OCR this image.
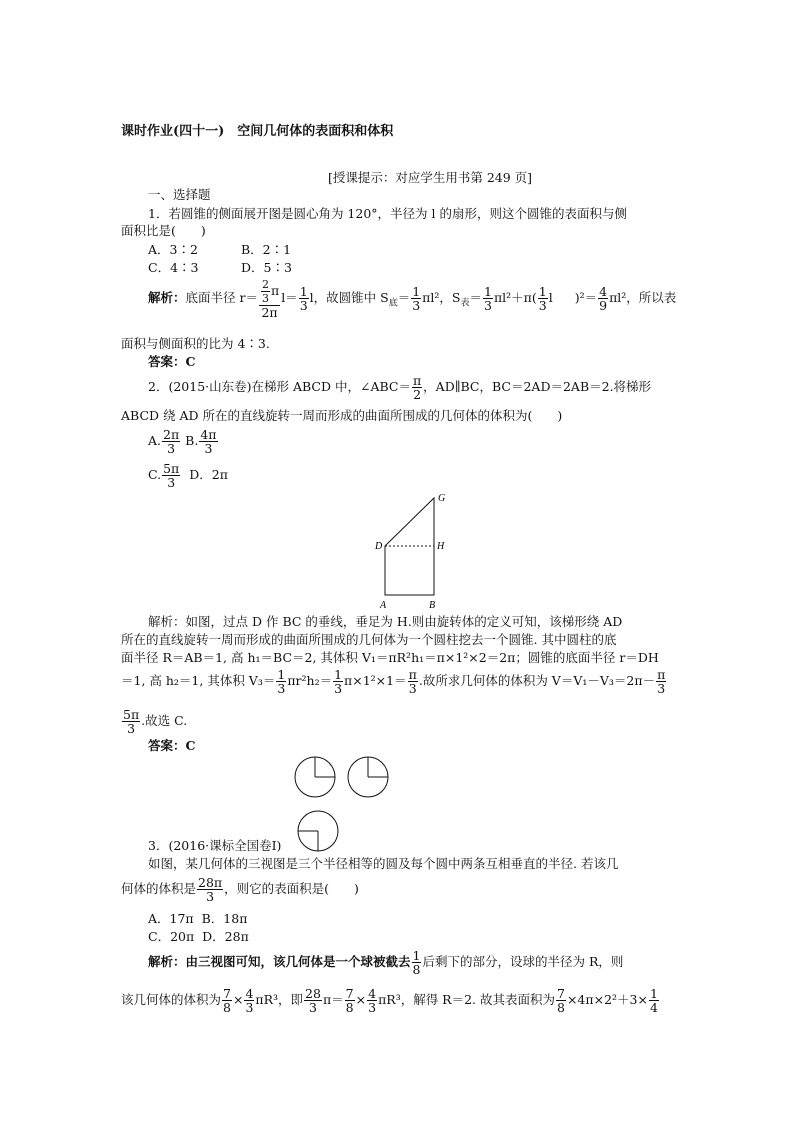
课时作业(四十一)　空间几何体的表面积和体积
[授课提示：对应学生用书第 249 页]
一、选择题
1．若圆锥的侧面展开图是圆心角为 120°，半径为 l 的扇形，则这个圆锥的表面积与侧
面积比是(　　)
A．3∶2	B．2∶1
C．4∶3	D．5∶3
解析：底面半径 $r= \frac{\frac{2}{3} \pi}{2\pi} l= \frac{1}{3}$ l，故圆锥中 $S_底= \frac{1}{3} \pi l^2$，$S_表= \frac{1}{3} \pi l^2+\pi( \frac{1}{3}$ l )$^2= \frac{4}{9} \pi l^2$，所以表
面积与侧面积的比为 4∶3.
答案：C
2．(2015·山东卷)在梯形 ABCD 中，∠ABC＝ $\frac{\pi}{2}$ ，AD∥BC，BC＝2AD＝2AB＝2.将梯形
ABCD 绕 AD 所在的直线旋转一周而形成的曲面所围成的几何体的体积为(　　)
A. $\frac{2\pi}{3} B$. $\frac{4\pi}{3}$
C. $\frac{5\pi}{3}$ D．2π
G
D	H
A	B
解析：如图，过点 D 作 BC 的垂线，垂足为 H.则由旋转体的定义可知，该梯形绕 AD
所在的直线旋转一周而形成的曲面所围成的几何体为一个圆柱挖去一个圆锥. 其中圆柱的底
面半径 R＝AB＝1, 高 h₁＝BC＝2, 其体积 V₁＝πR²h₁＝π×1²×2＝2π；圆锥的底面半径 r＝DH
＝1, 高 h₂＝1, 其体积 $V_3= \frac{1}{3} \pi r^2h_2= \frac{1}{3} \pi\times 1^2\times 1= \frac{\pi}{3}$ .故所求几何体的体积为 $V=V_1-V_3=2\pi- \frac{\pi}{3}$
$\frac{5\pi}{3}$ .故选 C.
答案：C
3．(2016·课标全国卷Ⅰ)
如图，某几何体的三视图是三个半径相等的圆及每个圆中两条互相垂直的半径. 若该几
何体的体积是 $\frac{28\pi}{3}$ ，则它的表面积是(　　)
A．17π B．18π
C．20π D．28π
解析：由三视图可知，该几何体是一个球被截去 $\frac{1}{8}$ 后剩下的部分，设球的半径为 R，则
该几何体的体积为 $\frac{7}{8} \times \frac{4}{3} \pi R^3$，即 $\frac{28}{3} \pi= \frac{7}{8} \times \frac{4}{3} \pi R^3$，解得 R＝2. 故其表面积为 $\frac{7}{8} \times 4\pi\times 2^2+3\times \frac{1}{4}$
